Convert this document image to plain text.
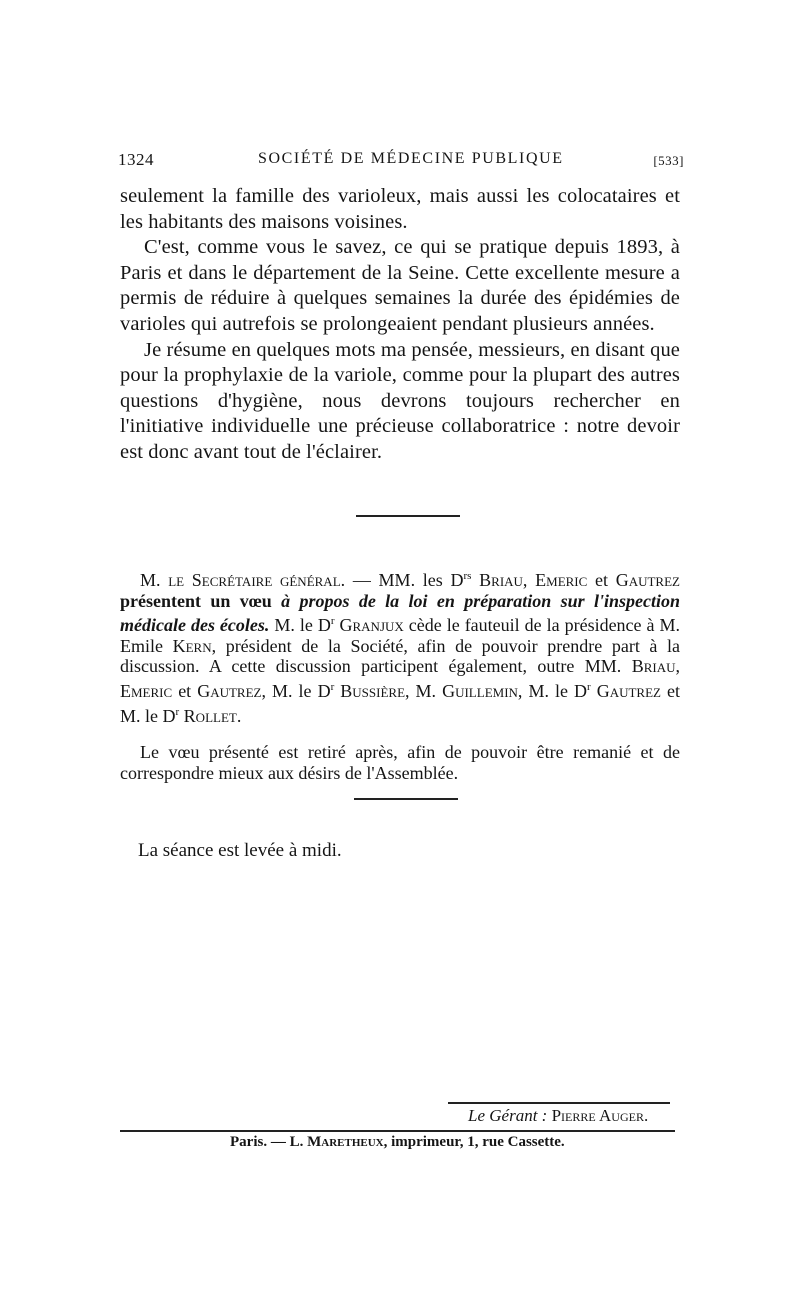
1324	SOCIÉTÉ DE MÉDECINE PUBLIQUE	[533]

seulement la famille des varioleux, mais aussi les colocataires et les habitants des maisons voisines.

C'est, comme vous le savez, ce qui se pratique depuis 1893, à Paris et dans le département de la Seine. Cette excellente mesure a permis de réduire à quelques semaines la durée des épidémies de varioles qui autrefois se prolongeaient pendant plusieurs années.

Je résume en quelques mots ma pensée, messieurs, en disant que pour la prophylaxie de la variole, comme pour la plupart des autres questions d'hygiène, nous devrons toujours rechercher en l'initiative individuelle une précieuse collaboratrice : notre devoir est donc avant tout de l'éclairer.

M. le Secrétaire général. — MM. les $D^{rs}$ Briau, Emeric et Gautrez présentent un vœu à propos de la loi en préparation sur l'inspection médicale des écoles. M. le $D^r$ Granjux cède le fauteuil de la présidence à M. Emile Kern, président de la Société, afin de pouvoir prendre part à la discussion. A cette discussion participent également, outre MM. Briau, Emeric et Gautrez, M. le $D^r$ Bussière, M. Guillemin, M. le $D^r$ Gautrez et M. le $D^r$ Rollet.

Le vœu présenté est retiré après, afin de pouvoir être remanié et de correspondre mieux aux désirs de l'Assemblée.

La séance est levée à midi.
Le Gérant : Pierre Auger.
Paris. — L. Maretheux, imprimeur, 1, rue Cassette.
